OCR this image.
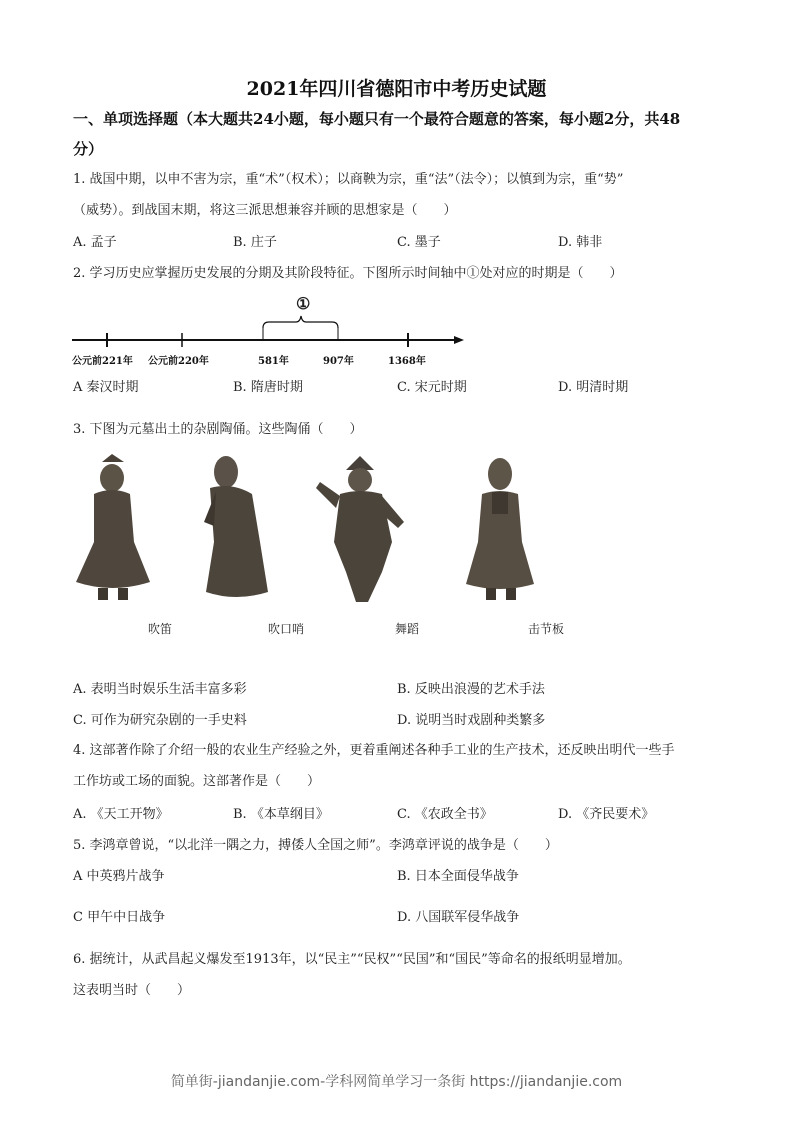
2021年四川省德阳市中考历史试题
一、单项选择题（本大题共24小题，每小题只有一个最符合题意的答案，每小题2分，共48
分）
1. 战国中期，以申不害为宗，重“术”（权术）；以商鞅为宗，重“法”（法令）；以慎到为宗，重“势”
（威势）。到战国末期，将这三派思想兼容并顾的思想家是（　　）
A. 孟子	B. 庄子	C. 墨子	D. 韩非
2. 学习历史应掌握历史发展的分期及其阶段特征。下图所示时间轴中①处对应的时期是（　　）
①
公元前221年 公元前220年	581年	907年	1368年
A 秦汉时期	B. 隋唐时期	C. 宋元时期	D. 明清时期
3. 下图为元墓出土的杂剧陶俑。这些陶俑（　　）
吹笛	吹口哨	舞蹈	击节板
A. 表明当时娱乐生活丰富多彩	B. 反映出浪漫的艺术手法
C. 可作为研究杂剧的一手史料	D. 说明当时戏剧种类繁多
4. 这部著作除了介绍一般的农业生产经验之外，更着重阐述各种手工业的生产技术，还反映出明代一些手
工作坊或工场的面貌。这部著作是（　　）
A. 《天工开物》	B. 《本草纲目》	C. 《农政全书》	D. 《齐民要术》
5. 李鸿章曾说，“以北洋一隅之力，搏倭人全国之师”。李鸿章评说的战争是（　　）
A 中英鸦片战争	B. 日本全面侵华战争
C 甲午中日战争	D. 八国联军侵华战争
6. 据统计，从武昌起义爆发至1913年，以“民主”“民权”“民国”和“国民”等命名的报纸明显增加。
这表明当时（　　）
简单街-jiandanjie.com-学科网简单学习一条街 https://jiandanjie.com
